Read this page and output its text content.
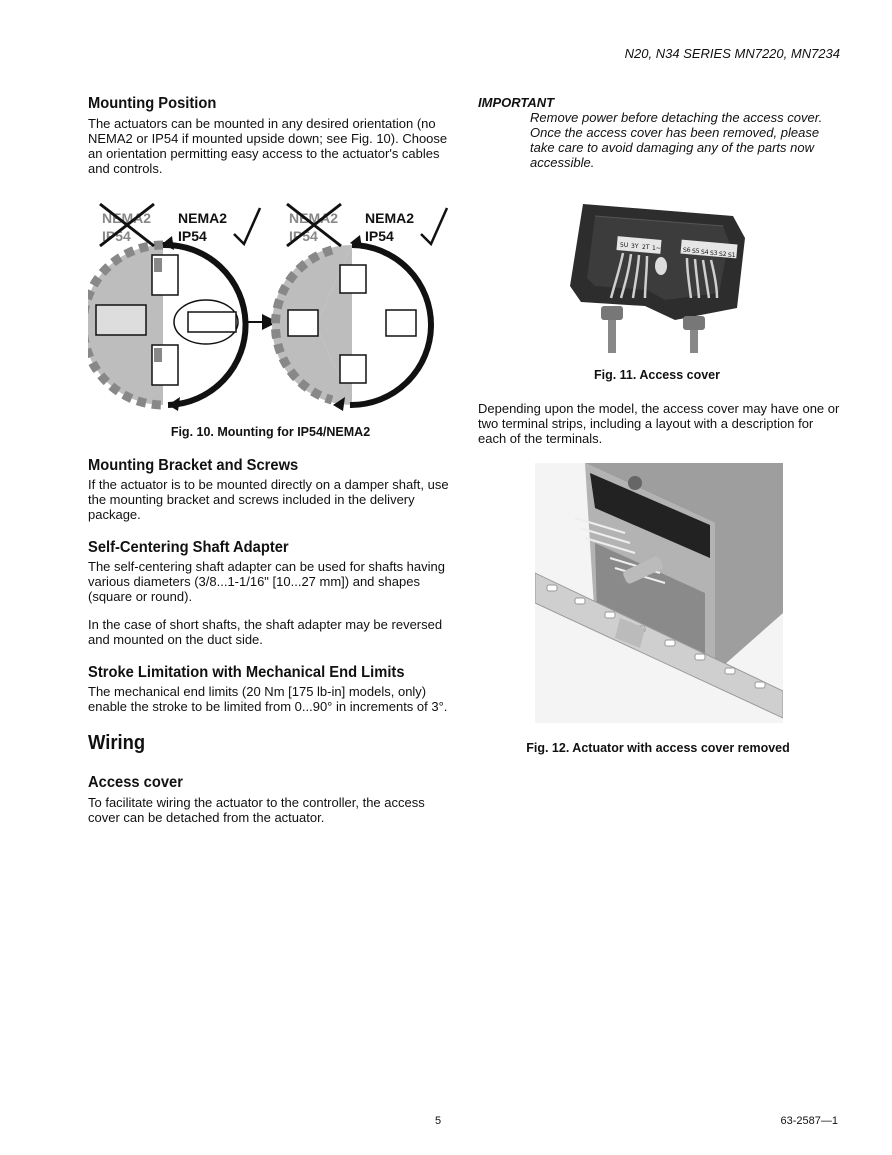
N20, N34 SERIES MN7220, MN7234
Mounting Position
The actuators can be mounted in any desired orientation (no
NEMA2 or IP54 if mounted upside down; see Fig. 10). Choose
an orientation permitting easy access to the actuator's cables
and controls.
NEMA2
IP54
NEMA2
IP54
NEMA2
IP54
NEMA2
IP54
Fig. 10. Mounting for IP54/NEMA2
Mounting Bracket and Screws
If the actuator is to be mounted directly on a damper shaft, use
the mounting bracket and screws included in the delivery
package.
Self-Centering Shaft Adapter
The self-centering shaft adapter can be used for shafts having
various diameters (3/8...1-1/16" [10...27 mm]) and shapes
(square or round).
In the case of short shafts, the shaft adapter may be reversed
and mounted on the duct side.
Stroke Limitation with Mechanical End Limits
The mechanical end limits (20 Nm [175 lb-in] models, only)
enable the stroke to be limited from 0...90° in increments of 3°.
Wiring
Access cover
To facilitate wiring the actuator to the controller, the access
cover can be detached from the actuator.
IMPORTANT
Remove power before detaching the access cover.
Once the access cover has been removed, please
take care to avoid damaging any of the parts now
accessible.
5U 3Y 2T 1~	S6 S5 S4 S3 S2 S1
Fig. 11. Access cover
Depending upon the model, the access cover may have one or
two terminal strips, including a layout with a description for
each of the terminals.
Fig. 12. Actuator with access cover removed
5	63-2587—1
